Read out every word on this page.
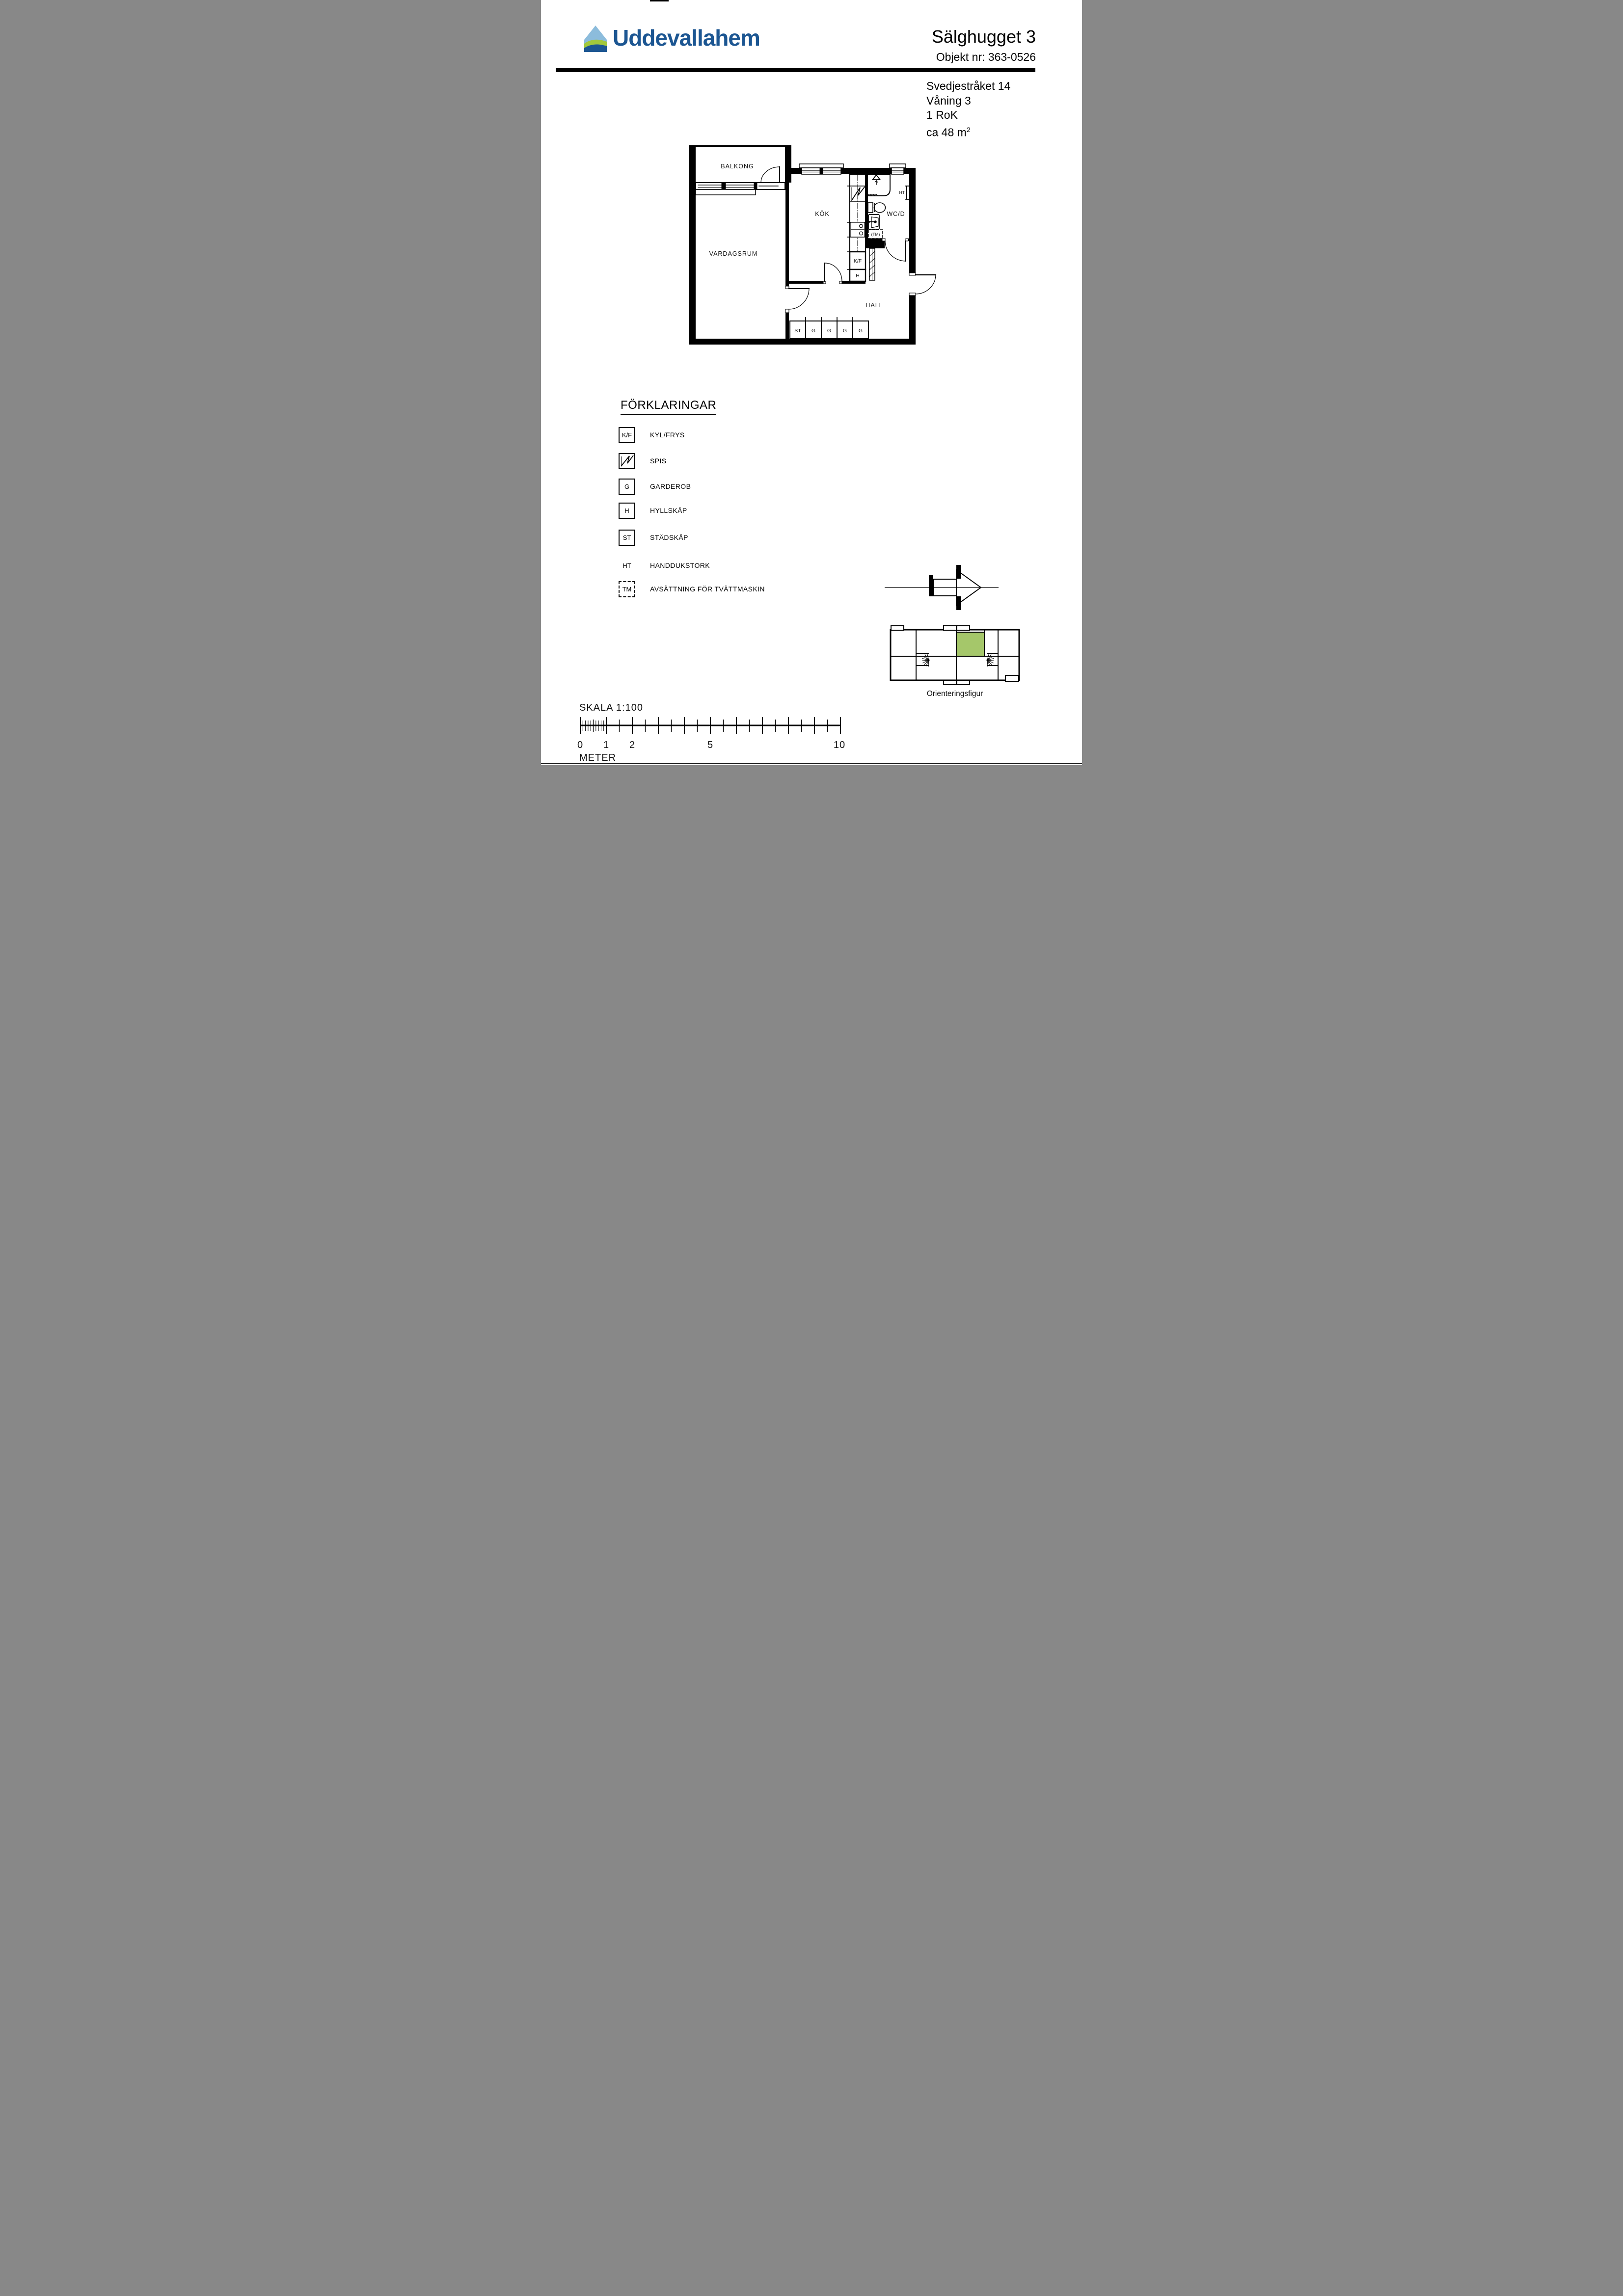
Uddevallahem	Sälghugget 3
Objekt nr: 363-0526
Svedjestråket 14
Våning 3
1 RoK
ca 48 $m^2$
BALKONG
VARDAGSRUM
KÖK	WC/D
HALL
K/F
H
HT
(TM)
ST G G G G
Orienteringsfigur
SKALA 1:100
0 1 2	5	10
METER
FÖRKLARINGAR
K/F	KYL/FRYS
SPIS
G	GARDEROB
H	HYLLSKÅP
ST	STÄDSKÅP
HT	HANDDUKSTORK
TM	AVSÄTTNING FÖR TVÄTTMASKIN
